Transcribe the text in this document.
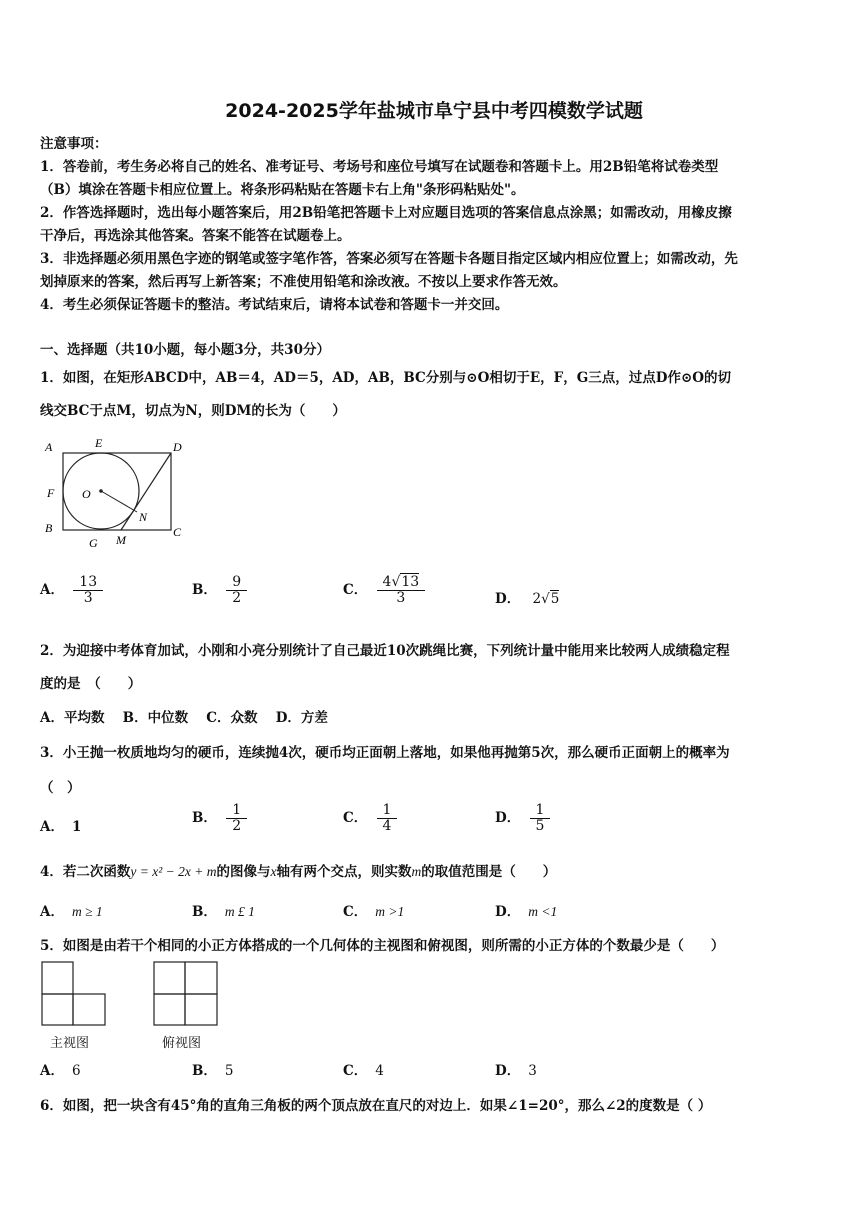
2024-2025学年盐城市阜宁县中考四模数学试题
注意事项：
1．答卷前，考生务必将自己的姓名、准考证号、考场号和座位号填写在试题卷和答题卡上。用2B铅笔将试卷类型
（B）填涂在答题卡相应位置上。将条形码粘贴在答题卡右上角"条形码粘贴处"。
2．作答选择题时，选出每小题答案后，用2B铅笔把答题卡上对应题目选项的答案信息点涂黑；如需改动，用橡皮擦
干净后，再选涂其他答案。答案不能答在试题卷上。
3．非选择题必须用黑色字迹的钢笔或签字笔作答，答案必须写在答题卡各题目指定区域内相应位置上；如需改动，先
划掉原来的答案，然后再写上新答案；不准使用铅笔和涂改液。不按以上要求作答无效。
4．考生必须保证答题卡的整洁。考试结束后，请将本试卷和答题卡一并交回。
一、选择题（共10小题，每小题3分，共30分）
1．如图，在矩形ABCD中，AB＝4，AD＝5，AD，AB，BC分别与⊙O相切于E，F，G三点，过点D作⊙O的切
线交BC于点M，切点为N，则DM的长为（　　）
A	E	D
F O
N
B	C
G M
A． $\frac{13}{3}$	B． $\frac{9}{2}$	C． $\frac{4√13}{3}$	D． 2√5
2．为迎接中考体育加试，小刚和小亮分别统计了自己最近10次跳绳比赛，下列统计量中能用来比较两人成绩稳定程
度的是　（　　）
A．平均数　 B．中位数　 C．众数　 D．方差
3．小王抛一枚质地均匀的硬币，连续抛4次，硬币均正面朝上落地，如果他再抛第5次，那么硬币正面朝上的概率为
（　）
A． 1
B． $\frac{1}{2}$	C． $\frac{1}{4}$	D． $\frac{1}{5}$
4．若二次函数y = x² − 2x + m的图像与x轴有两个交点，则实数m的取值范围是（　　）
A． m ≥ 1	B． m £ 1	C． m >1	D． m <1
5．如图是由若干个相同的小正方体搭成的一个几何体的主视图和俯视图，则所需的小正方体的个数最少是（　　）
主视图	俯视图
A． 6	B． 5	C． 4	D． 3
6．如图，把一块含有45°角的直角三角板的两个顶点放在直尺的对边上．如果∠1=20°，那么∠2的度数是（ ）
